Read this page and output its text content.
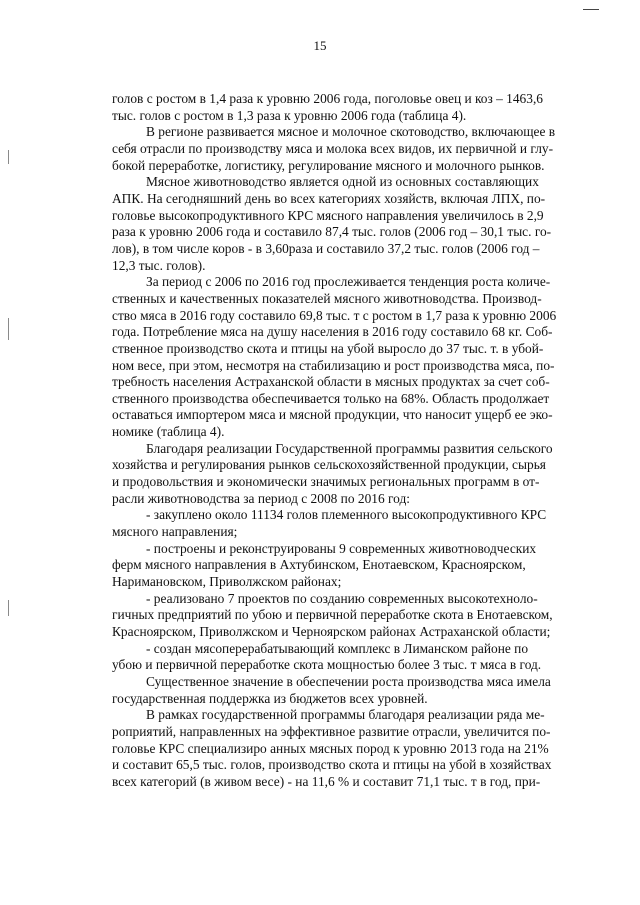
15
голов с ростом в 1,4 раза к уровню 2006 года, поголовье овец и коз – 1463,6
тыс. голов с ростом в 1,3 раза к уровню 2006 года (таблица 4).
В регионе развивается мясное и молочное скотоводство, включающее в
себя отрасли по производству мяса и молока всех видов, их первичной и глу-
бокой переработке, логистику, регулирование мясного и молочного рынков.
Мясное животноводство является одной из основных составляющих
АПК. На сегодняшний день во всех категориях хозяйств, включая ЛПХ, по-
головье высокопродуктивного КРС мясного направления увеличилось в 2,9
раза к уровню 2006 года и составило 87,4 тыс. голов (2006 год – 30,1 тыс. го-
лов), в том числе коров - в 3,60раза и составило 37,2 тыс. голов (2006 год –
12,3 тыс. голов).
За период с 2006 по 2016 год прослеживается тенденция роста количе-
ственных и качественных показателей мясного животноводства. Производ-
ство мяса в 2016 году составило 69,8 тыс. т с ростом в 1,7 раза к уровню 2006
года. Потребление мяса на душу населения в 2016 году составило 68 кг. Соб-
ственное производство скота и птицы на убой выросло до 37 тыс. т. в убой-
ном весе, при этом, несмотря на стабилизацию и рост производства мяса, по-
требность населения Астраханской области в мясных продуктах за счет соб-
ственного производства обеспечивается только на 68%. Область продолжает
оставаться импортером мяса и мясной продукции, что наносит ущерб ее эко-
номике (таблица 4).
Благодаря реализации Государственной программы развития сельского
хозяйства и регулирования рынков сельскохозяйственной продукции, сырья
и продовольствия и экономически значимых региональных программ в от-
расли животноводства за период с 2008 по 2016 год:
- закуплено около 11134 голов племенного высокопродуктивного КРС
мясного направления;
- построены и реконструированы 9 современных животноводческих
ферм мясного направления в Ахтубинском, Енотаевском, Красноярском,
Наримановском, Приволжском районах;
- реализовано 7 проектов по созданию современных высокотехноло-
гичных предприятий по убою и первичной переработке скота в Енотаевском,
Красноярском, Приволжском и Черноярском районах Астраханской области;
- создан мясоперерабатывающий комплекс в Лиманском районе по
убою и первичной переработке скота мощностью более 3 тыс. т мяса в год.
Существенное значение в обеспечении роста производства мяса имела
государственная поддержка из бюджетов всех уровней.
В рамках государственной программы благодаря реализации ряда ме-
роприятий, направленных на эффективное развитие отрасли, увеличится по-
головье КРС специализиро анных мясных пород к уровню 2013 года на 21%
и составит 65,5 тыс. голов, производство скота и птицы на убой в хозяйствах
всех категорий (в живом весе) - на 11,6 % и составит 71,1 тыс. т в год, при-
